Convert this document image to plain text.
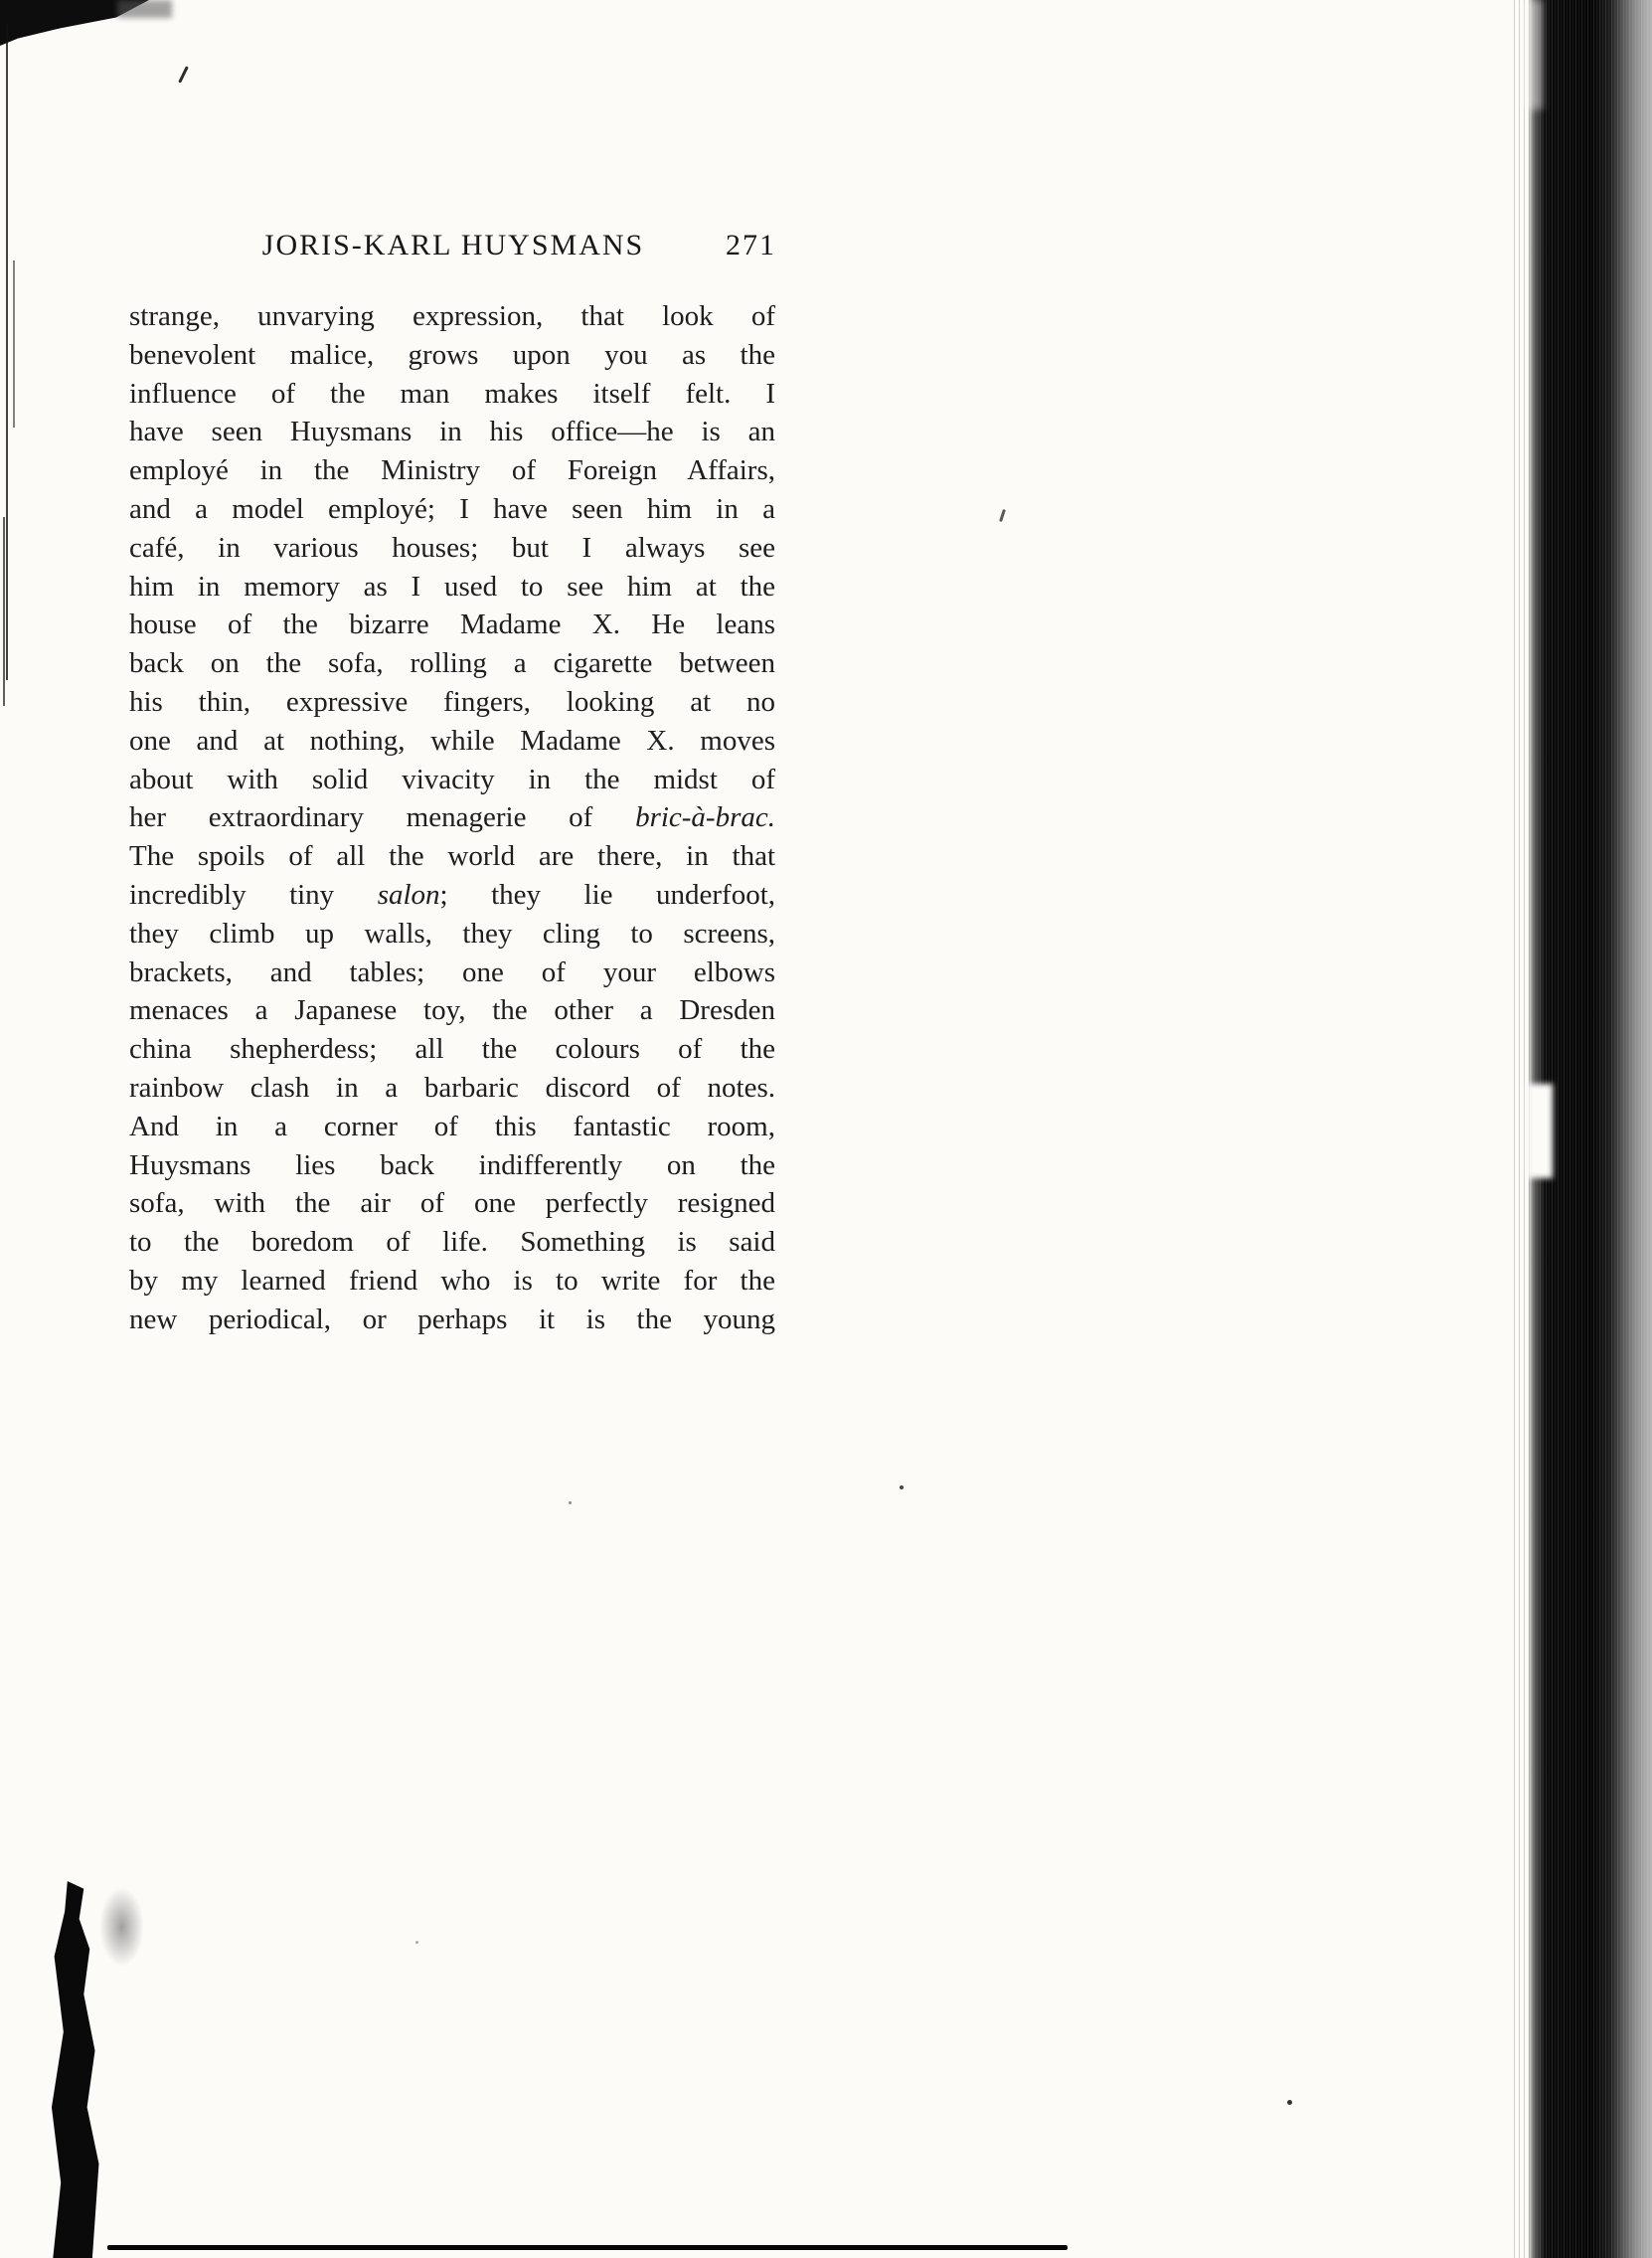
JORIS-KARL HUYSMANS	271
strange, unvarying expression, that look of
benevolent malice, grows upon you as the
influence of the man makes itself felt. I
have seen Huysmans in his office—he is an
employé in the Ministry of Foreign Affairs,
and a model employé; I have seen him in a
café, in various houses; but I always see
him in memory as I used to see him at the
house of the bizarre Madame X. He leans
back on the sofa, rolling a cigarette between
his thin, expressive fingers, looking at no
one and at nothing, while Madame X. moves
about with solid vivacity in the midst of
her extraordinary menagerie of bric-à-brac.
The spoils of all the world are there, in that
incredibly tiny salon; they lie underfoot,
they climb up walls, they cling to screens,
brackets, and tables; one of your elbows
menaces a Japanese toy, the other a Dresden
china shepherdess; all the colours of the
rainbow clash in a barbaric discord of notes.
And in a corner of this fantastic room,
Huysmans lies back indifferently on the
sofa, with the air of one perfectly resigned
to the boredom of life. Something is said
by my learned friend who is to write for the
new periodical, or perhaps it is the young
